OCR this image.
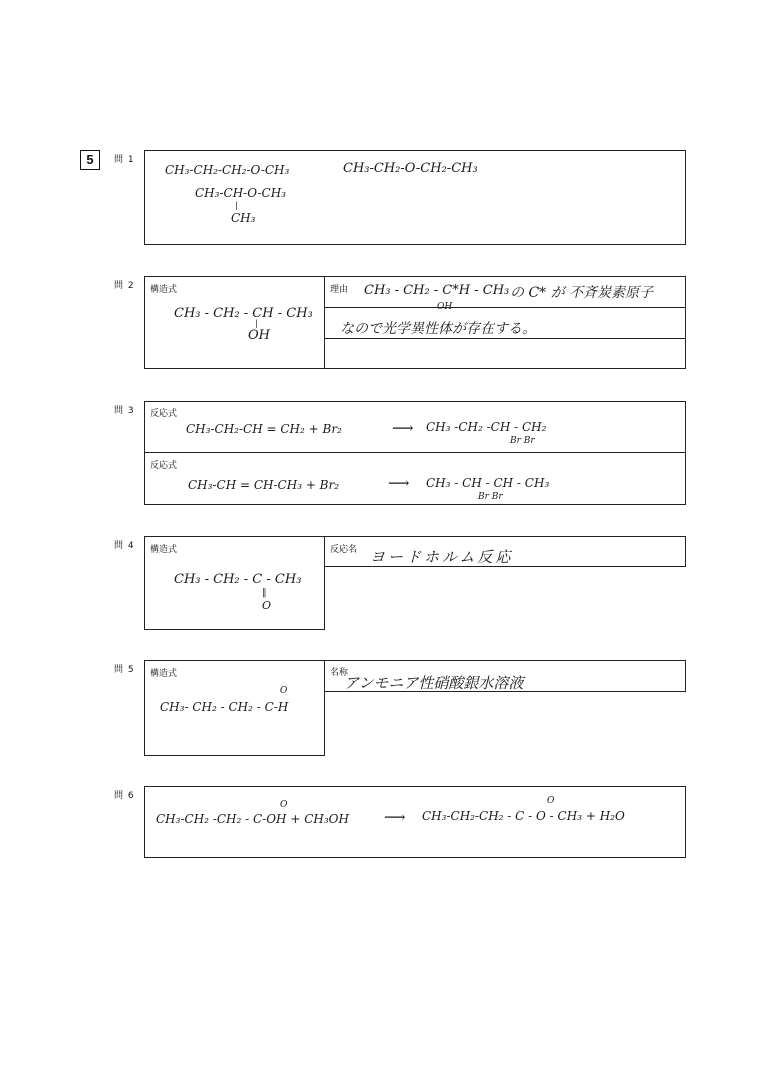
5	問 1
CH₃-CH₂-CH₂-O-CH₃
CH₃-CH-O-CH₃
|
CH₃
CH₃-CH₂-O-CH₂-CH₃
問 2 構造式
CH₃ - CH₂ - CH - CH₃
|
OH
理由 CH₃ - CH₂ - C*H - CH₃
OH
の C* が 不斉炭素原子
なので光学異性体が存在する。
問 3 反応式
CH₃-CH₂-CH = CH₂ + Br₂	⟶ CH₃ -CH₂ -CH - CH₂
Br Br
反応式
CH₃-CH = CH-CH₃ + Br₂	⟶ CH₃ - CH - CH - CH₃
Br Br
問 4 構造式
CH₃ - CH₂ - C - CH₃
‖
O
反応名 ヨードホルム反応
問 5 構造式
O
CH₃- CH₂ - CH₂ - C-H
名称
アンモニア性硝酸銀水溶液
問 6
O
CH₃-CH₂ -CH₂ - C-OH + CH₃OH ⟶
O
CH₃-CH₂-CH₂ - C - O - CH₃ + H₂O
